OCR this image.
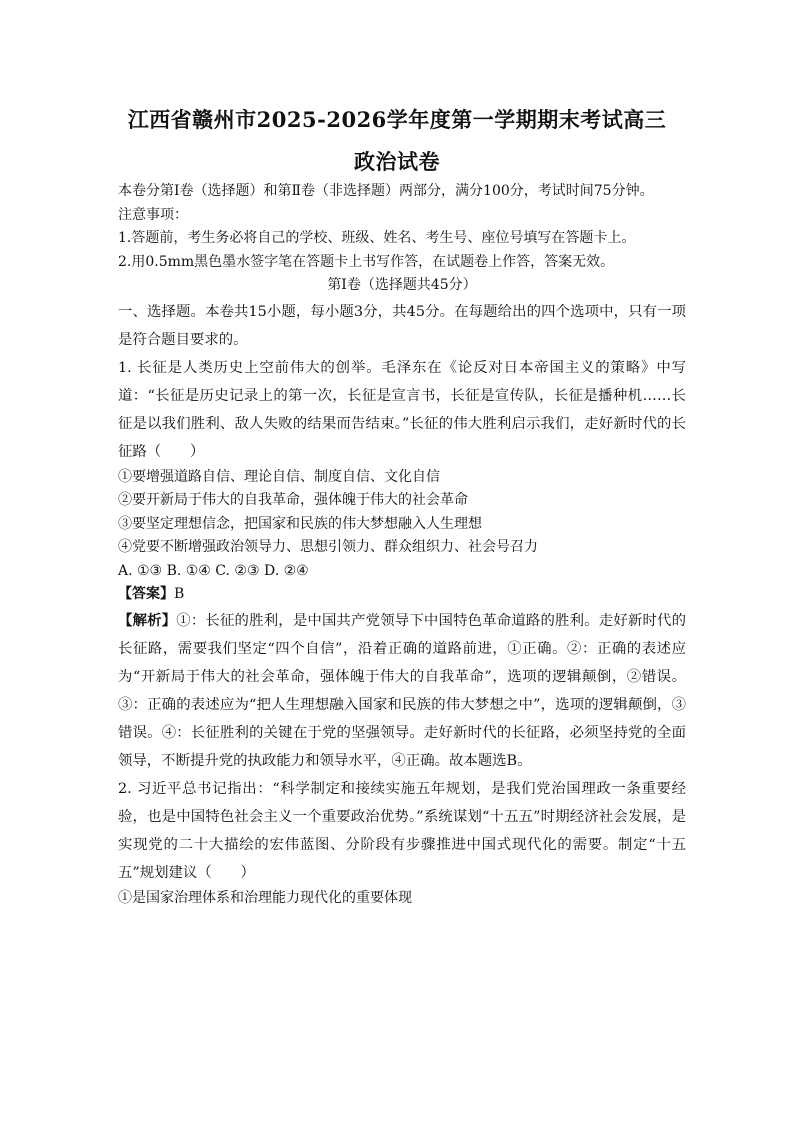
江西省赣州市2025-2026学年度第一学期期末考试高三
政治试卷

本卷分第Ⅰ卷（选择题）和第Ⅱ卷（非选择题）两部分，满分100分，考试时间75分钟。

注意事项：

1.答题前，考生务必将自己的学校、班级、姓名、考生号、座位号填写在答题卡上。

2.用0.5mm黑色墨水签字笔在答题卡上书写作答，在试题卷上作答，答案无效。

第Ⅰ卷（选择题共45分）

一、选择题。本卷共15小题，每小题3分，共45分。在每题给出的四个选项中，只有一项是符合题目要求的。

1. 长征是人类历史上空前伟大的创举。毛泽东在《论反对日本帝国主义的策略》中写道：“长征是历史记录上的第一次，长征是宣言书，长征是宣传队，长征是播种机……长征是以我们胜利、敌人失败的结果而告结束。”长征的伟大胜利启示我们，走好新时代的长征路（　　）

①要增强道路自信、理论自信、制度自信、文化自信

②要开新局于伟大的自我革命，强体魄于伟大的社会革命

③要坚定理想信念，把国家和民族的伟大梦想融入人生理想

④党要不断增强政治领导力、思想引领力、群众组织力、社会号召力

A. ①③ B. ①④ C. ②③ D. ②④

【答案】B

【解析】①：长征的胜利，是中国共产党领导下中国特色革命道路的胜利。走好新时代的长征路，需要我们坚定“四个自信”，沿着正确的道路前进，①正确。②：正确的表述应为“开新局于伟大的社会革命，强体魄于伟大的自我革命”，选项的逻辑颠倒，②错误。③：正确的表述应为“把人生理想融入国家和民族的伟大梦想之中”，选项的逻辑颠倒，③错误。④：长征胜利的关键在于党的坚强领导。走好新时代的长征路，必须坚持党的全面领导，不断提升党的执政能力和领导水平，④正确。故本题选B。

2. 习近平总书记指出：“科学制定和接续实施五年规划，是我们党治国理政一条重要经验，也是中国特色社会主义一个重要政治优势。”系统谋划“十五五”时期经济社会发展，是实现党的二十大描绘的宏伟蓝图、分阶段有步骤推进中国式现代化的需要。制定“十五五”规划建议（　　）

①是国家治理体系和治理能力现代化的重要体现
